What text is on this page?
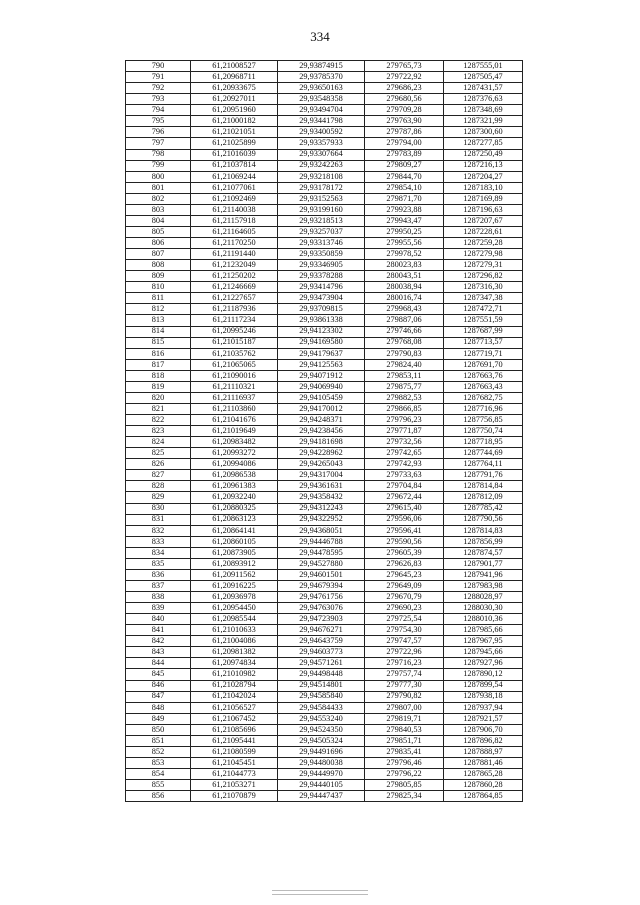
334
790	61,21008527	29,93874915	279765,73	1287555,01
791	61,20968711	29,93785370	279722,92	1287505,47
792	61,20933675	29,93650163	279686,23	1287431,57
793	61,20927011	29,93548358	279680,56	1287376,63
794	61,20951960	29,93494704	279709,28	1287348,69
795	61,21000182	29,93441798	279763,90	1287321,99
796	61,21021051	29,93400592	279787,86	1287300,60
797	61,21025899	29,93357933	279794,00	1287277,85
798	61,21016039	29,93307664	279783,89	1287250,49
799	61,21037814	29,93242263	279809,27	1287216,13
800	61,21069244	29,93218108	279844,70	1287204,27
801	61,21077061	29,93178172	279854,10	1287183,10
802	61,21092469	29,93152563	279871,70	1287169,89
803	61,21140038	29,93199160	279923,88	1287196,63
804	61,21157918	29,93218513	279943,47	1287207,67
805	61,21164605	29,93257037	279950,25	1287228,61
806	61,21170250	29,93313746	279955,56	1287259,28
807	61,21191440	29,93350859	279978,52	1287279,98
808	61,21232049	29,93346905	280023,83	1287279,31
809	61,21250202	29,93378288	280043,51	1287296,82
810	61,21246669	29,93414796	280038,94	1287316,30
811	61,21227657	29,93473904	280016,74	1287347,38
812	61,21187936	29,93709815	279968,43	1287472,71
813	61,21117234	29,93861338	279887,06	1287551,59
814	61,20995246	29,94123302	279746,66	1287687,99
815	61,21015187	29,94169580	279768,08	1287713,57
816	61,21035762	29,94179637	279790,83	1287719,71
817	61,21065065	29,94125563	279824,40	1287691,70
818	61,21090016	29,94071912	279853,11	1287663,76
819	61,21110321	29,94069940	279875,77	1287663,43
820	61,21116937	29,94105459	279882,53	1287682,75
821	61,21103860	29,94170012	279866,85	1287716,96
822	61,21041676	29,94248371	279796,23	1287756,85
823	61,21019649	29,94238456	279771,87	1287750,74
824	61,20983482	29,94181698	279732,56	1287718,95
825	61,20993272	29,94228962	279742,65	1287744,69
826	61,20994086	29,94265043	279742,93	1287764,11
827	61,20986538	29,94317004	279733,63	1287791,76
828	61,20961383	29,94361631	279704,84	1287814,84
829	61,20932240	29,94358432	279672,44	1287812,09
830	61,20880325	29,94312243	279615,40	1287785,42
831	61,20863123	29,94322952	279596,06	1287790,56
832	61,20864141	29,94368051	279596,41	1287814,83
833	61,20860105	29,94446788	279590,56	1287856,99
834	61,20873905	29,94478595	279605,39	1287874,57
835	61,20893912	29,94527880	279626,83	1287901,77
836	61,20911562	29,94601501	279645,23	1287941,96
837	61,20916225	29,94679394	279649,09	1287983,98
838	61,20936978	29,94761756	279670,79	1288028,97
839	61,20954450	29,94763076	279690,23	1288030,30
840	61,20985544	29,94723903	279725,54	1288010,36
841	61,21010633	29,94676271	279754,30	1287985,66
842	61,21004086	29,94643759	279747,57	1287967,95
843	61,20981382	29,94603773	279722,96	1287945,66
844	61,20974834	29,94571261	279716,23	1287927,96
845	61,21010982	29,94498448	279757,74	1287890,12
846	61,21028794	29,94514801	279777,30	1287899,54
847	61,21042024	29,94585840	279790,82	1287938,18
848	61,21056527	29,94584433	279807,00	1287937,94
849	61,21067452	29,94553240	279819,71	1287921,57
850	61,21085696	29,94524350	279840,53	1287906,70
851	61,21095441	29,94505324	279851,71	1287896,82
852	61,21080599	29,94491696	279835,41	1287888,97
853	61,21045451	29,94480038	279796,46	1287881,46
854	61,21044773	29,94449970	279796,22	1287865,28
855	61,21053271	29,94440105	279805,85	1287860,28
856	61,21070879	29,94447437	279825,34	1287864,85
